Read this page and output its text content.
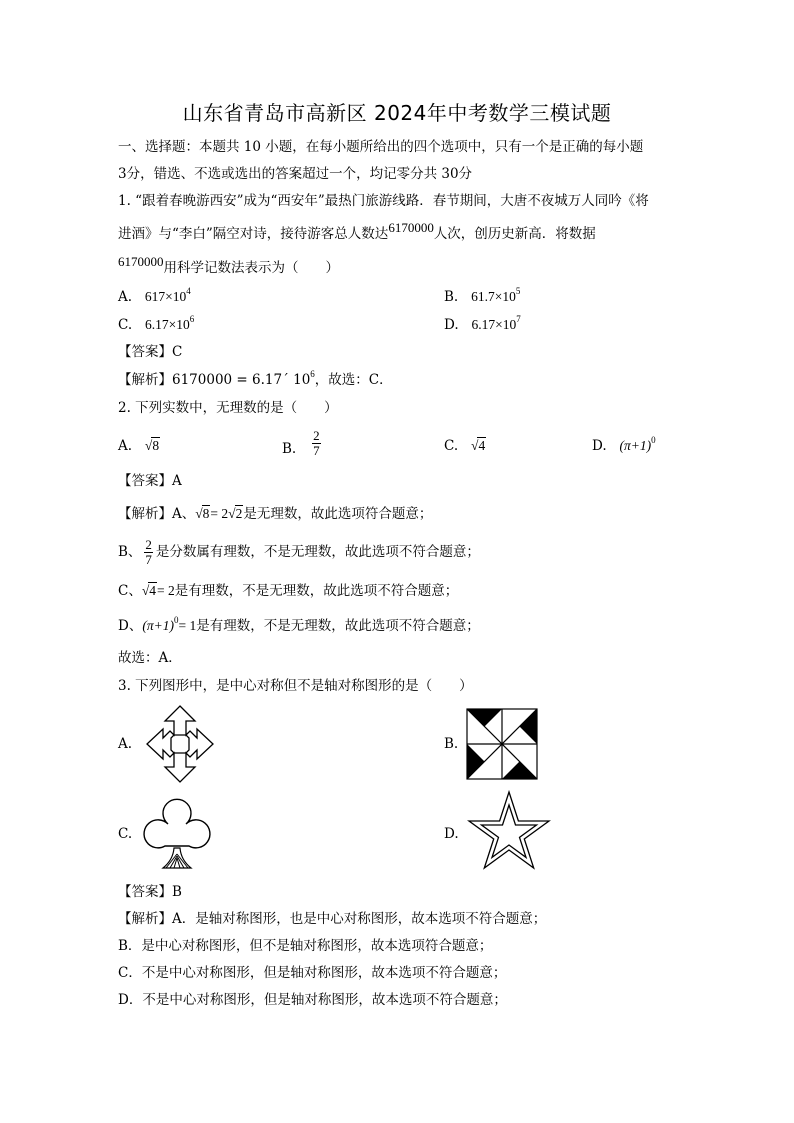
山东省青岛市高新区 2024年中考数学三模试题
一、选择题：本题共 10 小题，在每小题所给出的四个选项中，只有一个是正确的每小题
3分，错选、不选或选出的答案超过一个，均记零分共 30分
1. “跟着春晚游西安”成为“西安年”最热门旅游线路．春节期间，大唐不夜城万人同吟《将
进酒》与“李白”隔空对诗，接待游客总人数达6170000人次，创历史新高．将数据
6170000用科学记数法表示为（　　）
A. $617\times 10^4$	B. $61.7\times 10^5$
C. $6.17\times 10^6$	D. $6.17\times 10^7$
【答案】C
【解析】6170000 = 6.17´ $10^6$，故选：C．
2. 下列实数中，无理数的是（　　）
A. √8	B. $\frac{2}{7}$	C. √4	D. $(\pi+1)^0$
【答案】A
【解析】A、√8= 2√2是无理数，故此选项符合题意；
B、 $\frac{2}{7}$ 是分数属有理数，不是无理数，故此选项不符合题意；
C、√4= 2是有理数，不是无理数，故此选项不符合题意；
D、$(\pi+1)^0= 1$是有理数，不是无理数，故此选项不符合题意；
故选：A．
3. 下列图形中，是中心对称但不是轴对称图形的是（　　）
A.	B.
C.	D.
【答案】B
【解析】A．是轴对称图形，也是中心对称图形，故本选项不符合题意；
B．是中心对称图形，但不是轴对称图形，故本选项符合题意；
C．不是中心对称图形，但是轴对称图形，故本选项不符合题意；
D．不是中心对称图形，但是轴对称图形，故本选项不符合题意；
